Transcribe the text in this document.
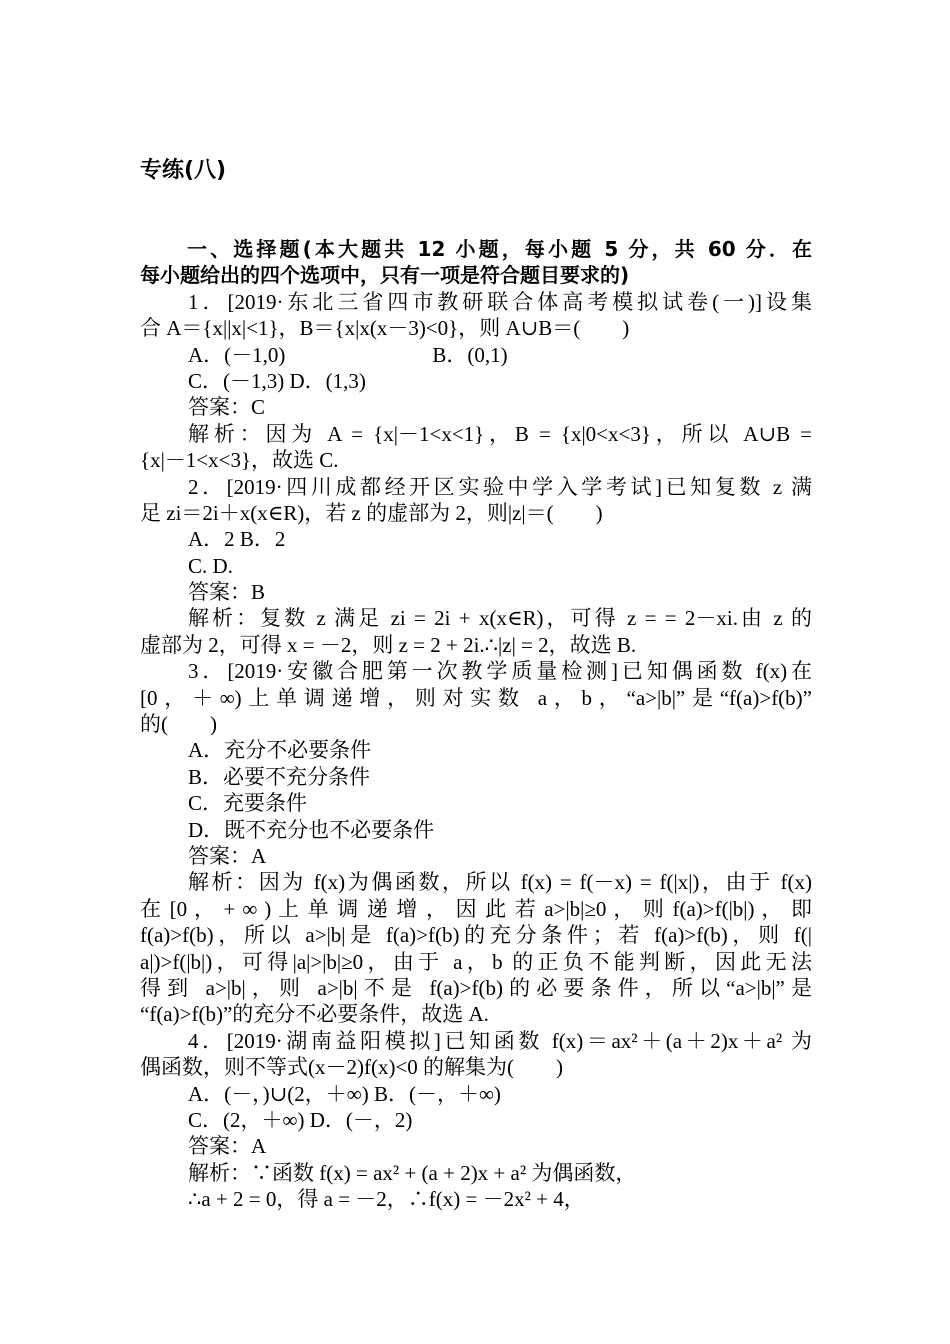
专练(八)
一、选择题(本大题共 12 小题，每小题 5 分，共 60 分．在
每小题给出的四个选项中，只有一项是符合题目要求的)
1．[2019·东北三省四市教研联合体高考模拟试卷(一)]设集
合 A＝{x||x|<1}，B＝{x|x(x－3)<0}，则 A∪B＝(　　)
A．(－1,0)　　　　　　　B．(0,1)
C．(－1,3) D．(1,3)
答案：C
解析：因为 A = {x|－1<x<1}，B = {x|0<x<3}，所以 A∪B =
{x|－1<x<3}，故选 C.
2．[2019·四川成都经开区实验中学入学考试]已知复数 z 满
足 zi＝2i＋x(x∈R)，若 z 的虚部为 2，则|z|＝(　　)
A．2 B．2
C. D.
答案：B
解析：复数 z 满足 zi = 2i + x(x∈R)，可得 z = = 2－xi.由 z 的
虚部为 2，可得 x = －2，则 z = 2 + 2i.∴|z| = 2，故选 B.
3．[2019·安徽合肥第一次教学质量检测]已知偶函数 f(x)在
[0，＋∞)上单调递增，则对实数 a，b，“a>|b|”是“f(a)>f(b)”
的(　　)
A．充分不必要条件
B．必要不充分条件
C．充要条件
D．既不充分也不必要条件
答案：A
解析：因为 f(x)为偶函数，所以 f(x) = f(－x) = f(|x|)，由于 f(x)
在 [0 ， + ∞ ) 上 单 调 递 增 ， 因 此 若 a>|b|≥0 ， 则 f(a)>f(|b|) ， 即
f(a)>f(b)，所以 a>|b|是 f(a)>f(b)的充分条件；若 f(a)>f(b)，则 f(|
a|)>f(|b|)，可得|a|>|b|≥0，由于 a，b 的正负不能判断，因此无法
得到 a>|b|，则 a>|b|不是 f(a)>f(b)的必要条件，所以“a>|b|”是
“f(a)>f(b)”的充分不必要条件，故选 A.
4．[2019·湖南益阳模拟]已知函数 f(x)＝ax²＋(a＋2)x＋a² 为
偶函数，则不等式(x－2)f(x)<0 的解集为(　　)
A．(－，)∪(2，＋∞) B．(－，＋∞)
C．(2，＋∞) D．(－，2)
答案：A
解析：∵函数 f(x) = ax² + (a + 2)x + a² 为偶函数，
∴a + 2 = 0，得 a = －2，∴f(x) = －2x² + 4，
